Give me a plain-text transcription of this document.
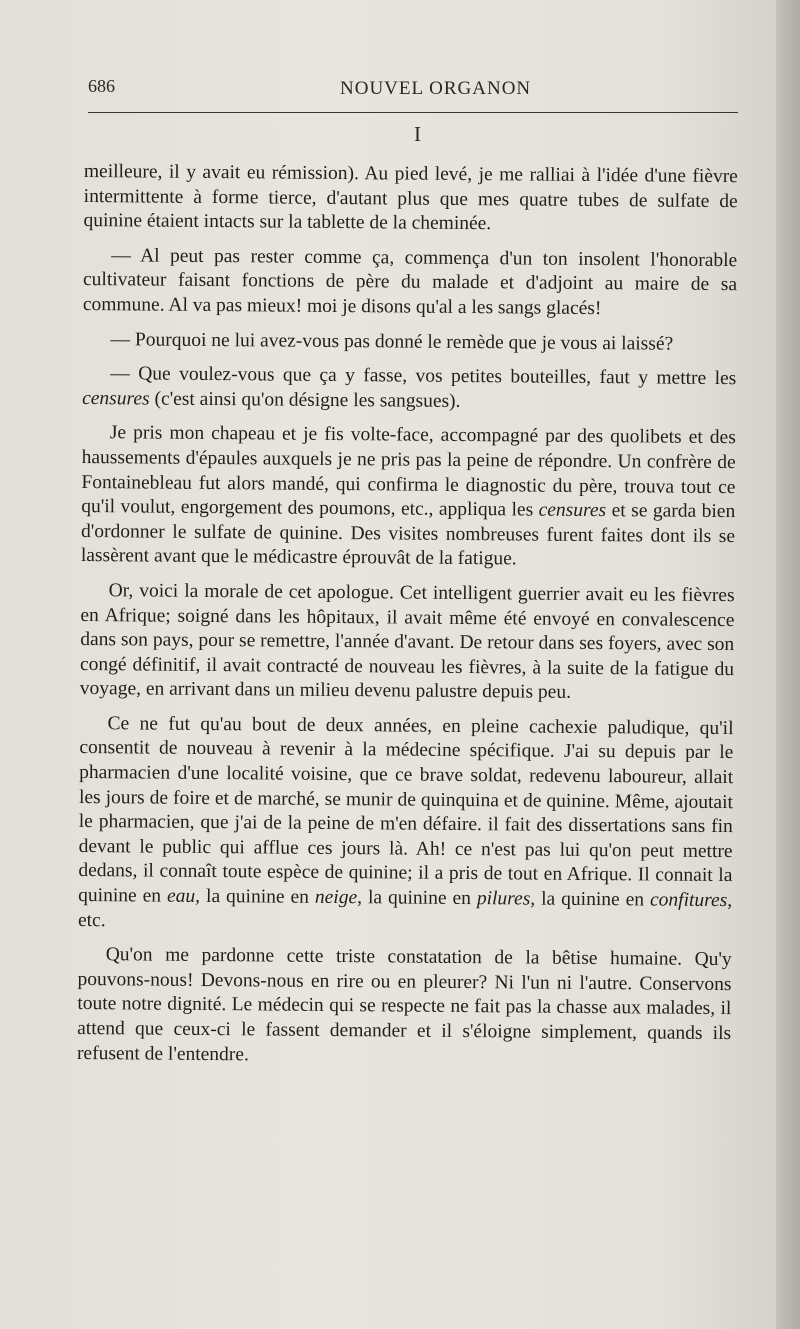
686	NOUVEL ORGANON
I

meilleure, il y avait eu rémission). Au pied levé, je me ralliai à l'idée d'une fièvre intermittente à forme tierce, d'autant plus que mes quatre tubes de sulfate de quinine étaient intacts sur la tablette de la cheminée.

— Al peut pas rester comme ça, commença d'un ton insolent l'honorable cultivateur faisant fonctions de père du malade et d'adjoint au maire de sa commune. Al va pas mieux! moi je disons qu'al a les sangs glacés!

— Pourquoi ne lui avez-vous pas donné le remède que je vous ai laissé?

— Que voulez-vous que ça y fasse, vos petites bouteilles, faut y mettre les censures (c'est ainsi qu'on désigne les sangsues).

Je pris mon chapeau et je fis volte-face, accompagné par des quolibets et des haussements d'épaules auxquels je ne pris pas la peine de répondre. Un confrère de Fontainebleau fut alors mandé, qui confirma le diagnostic du père, trouva tout ce qu'il voulut, engorgement des poumons, etc., appliqua les censures et se garda bien d'ordonner le sulfate de quinine. Des visites nombreuses furent faites dont ils se lassèrent avant que le médicastre éprouvât de la fatigue.

Or, voici la morale de cet apologue. Cet intelligent guerrier avait eu les fièvres en Afrique; soigné dans les hôpitaux, il avait même été envoyé en convalescence dans son pays, pour se remettre, l'année d'avant. De retour dans ses foyers, avec son congé définitif, il avait contracté de nouveau les fièvres, à la suite de la fatigue du voyage, en arrivant dans un milieu devenu palustre depuis peu.

Ce ne fut qu'au bout de deux années, en pleine cachexie paludique, qu'il consentit de nouveau à revenir à la médecine spécifique. J'ai su depuis par le pharmacien d'une localité voisine, que ce brave soldat, redevenu laboureur, allait les jours de foire et de marché, se munir de quinquina et de quinine. Même, ajoutait le pharmacien, que j'ai de la peine de m'en défaire. il fait des dissertations sans fin devant le public qui afflue ces jours là. Ah! ce n'est pas lui qu'on peut mettre dedans, il connaît toute espèce de quinine; il a pris de tout en Afrique. Il connait la quinine en eau, la quinine en neige, la quinine en pilures, la quinine en confitures, etc.

Qu'on me pardonne cette triste constatation de la bêtise humaine. Qu'y pouvons-nous! Devons-nous en rire ou en pleurer? Ni l'un ni l'autre. Conservons toute notre dignité. Le médecin qui se respecte ne fait pas la chasse aux malades, il attend que ceux-ci le fassent demander et il s'éloigne simplement, quands ils refusent de l'entendre.
